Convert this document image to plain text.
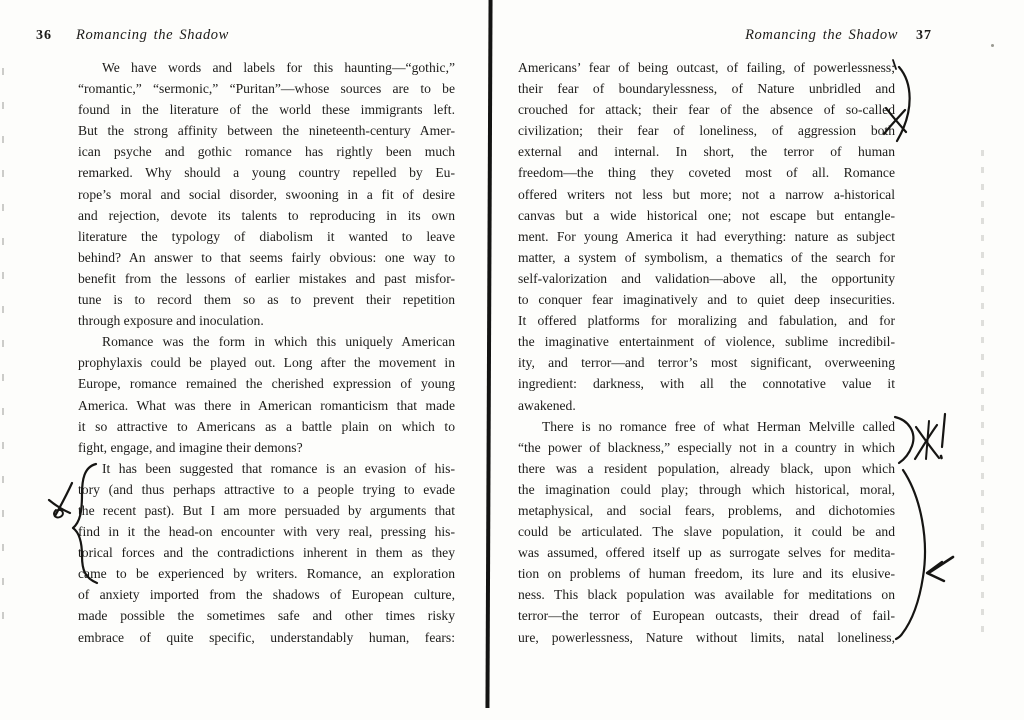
36 Romancing the Shadow	Romancing the Shadow 37
We have words and labels for this haunting—“gothic,”
“romantic,” “sermonic,” “Puritan”—whose sources are to be
found in the literature of the world these immigrants left.
But the strong affinity between the nineteenth-century Amer-
ican psyche and gothic romance has rightly been much
remarked. Why should a young country repelled by Eu-
rope’s moral and social disorder, swooning in a fit of desire
and rejection, devote its talents to reproducing in its own
literature the typology of diabolism it wanted to leave
behind? An answer to that seems fairly obvious: one way to
benefit from the lessons of earlier mistakes and past misfor-
tune is to record them so as to prevent their repetition
through exposure and inoculation.
Romance was the form in which this uniquely American
prophylaxis could be played out. Long after the movement in
Europe, romance remained the cherished expression of young
America. What was there in American romanticism that made
it so attractive to Americans as a battle plain on which to
fight, engage, and imagine their demons?
It has been suggested that romance is an evasion of his-
tory (and thus perhaps attractive to a people trying to evade
the recent past). But I am more persuaded by arguments that
find in it the head-on encounter with very real, pressing his-
torical forces and the contradictions inherent in them as they
came to be experienced by writers. Romance, an exploration
of anxiety imported from the shadows of European culture,
made possible the sometimes safe and other times risky
embrace of quite specific, understandably human, fears:
Americans’ fear of being outcast, of failing, of powerlessness;
their fear of boundarylessness, of Nature unbridled and
crouched for attack; their fear of the absence of so-called
civilization; their fear of loneliness, of aggression both
external and internal. In short, the terror of human
freedom—the thing they coveted most of all. Romance
offered writers not less but more; not a narrow a-historical
canvas but a wide historical one; not escape but entangle-
ment. For young America it had everything: nature as subject
matter, a system of symbolism, a thematics of the search for
self-valorization and validation—above all, the opportunity
to conquer fear imaginatively and to quiet deep insecurities.
It offered platforms for moralizing and fabulation, and for
the imaginative entertainment of violence, sublime incredibil-
ity, and terror—and terror’s most significant, overweening
ingredient: darkness, with all the connotative value it
awakened.
There is no romance free of what Herman Melville called
“the power of blackness,” especially not in a country in which
there was a resident population, already black, upon which
the imagination could play; through which historical, moral,
metaphysical, and social fears, problems, and dichotomies
could be articulated. The slave population, it could be and
was assumed, offered itself up as surrogate selves for medita-
tion on problems of human freedom, its lure and its elusive-
ness. This black population was available for meditations on
terror—the terror of European outcasts, their dread of fail-
ure, powerlessness, Nature without limits, natal loneliness,
